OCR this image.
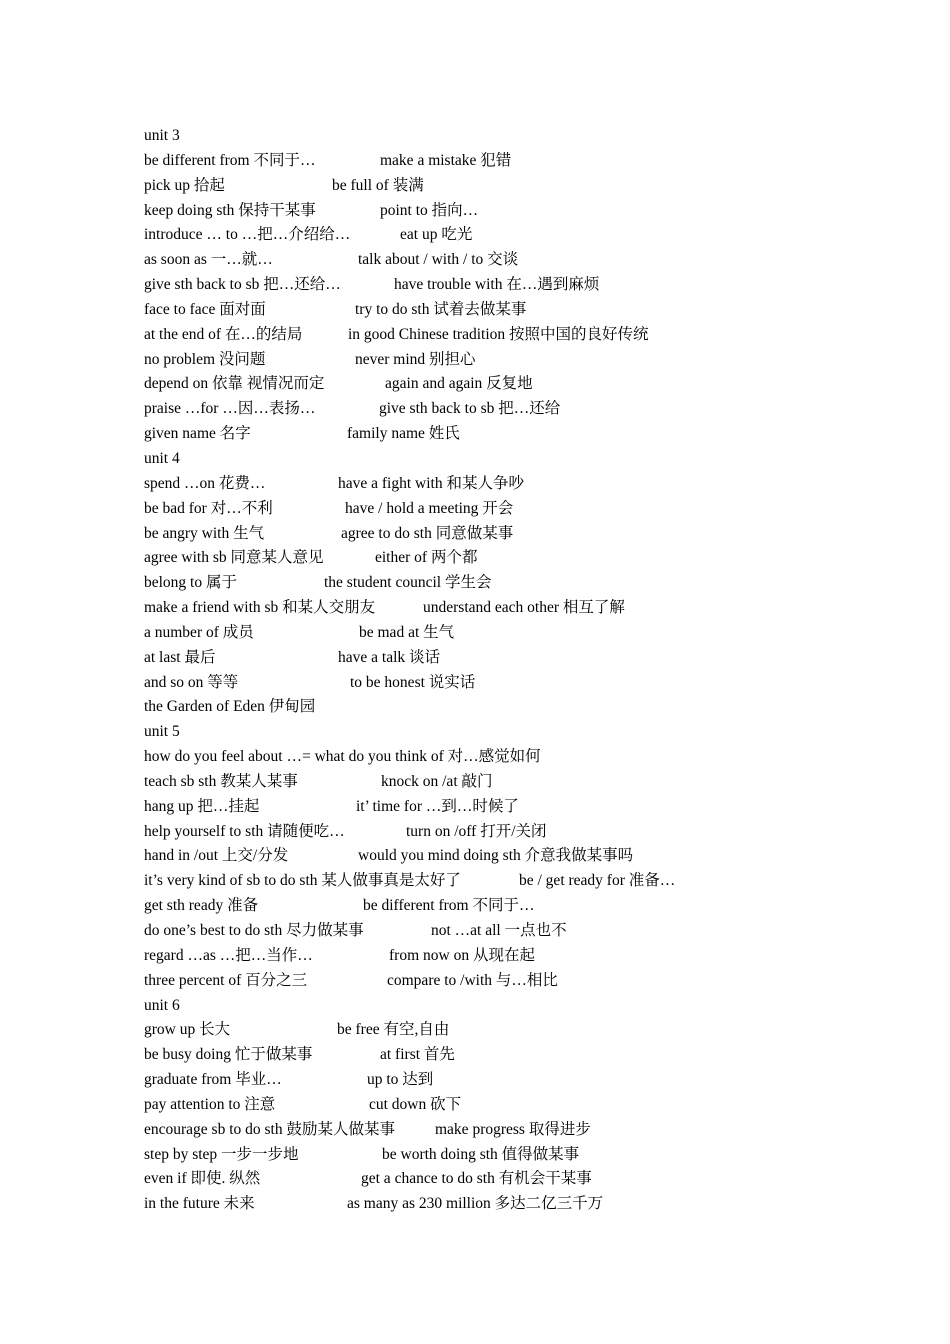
unit 3
be different from 不同于…	make a mistake 犯错
pick up 拾起	be full of 装满
keep doing sth 保持干某事	point to 指向…
introduce … to …把…介绍给…	eat up 吃光
as soon as 一…就…	talk about / with / to 交谈
give sth back to sb 把…还给…	have trouble with 在…遇到麻烦
face to face 面对面	try to do sth 试着去做某事
at the end of 在…的结局	in good Chinese tradition 按照中国的良好传统
no problem 没问题	never mind 别担心
depend on 依靠 视情况而定	again and again 反复地
praise …for …因…表扬…	give sth back to sb 把…还给
given name 名字	family name 姓氏
unit 4
spend …on 花费…	have a fight with 和某人争吵
be bad for 对…不利	have / hold a meeting 开会
be angry with 生气	agree to do sth 同意做某事
agree with sb 同意某人意见	either of 两个都
belong to 属于	the student council 学生会
make a friend with sb 和某人交朋友	understand each other 相互了解
a number of 成员	be mad at 生气
at last 最后	have a talk 谈话
and so on 等等	to be honest 说实话
the Garden of Eden 伊甸园
unit 5
how do you feel about …= what do you think of 对…感觉如何
teach sb sth 教某人某事	knock on /at 敲门
hang up 把…挂起	it’ time for …到…时候了
help yourself to sth 请随便吃…	turn on /off 打开/关闭
hand in /out 上交/分发	would you mind doing sth 介意我做某事吗
it’s very kind of sb to do sth 某人做事真是太好了	be / get ready for 准备…
get sth ready 准备	be different from 不同于…
do one’s best to do sth 尽力做某事	not …at all 一点也不
regard …as …把…当作…	from now on 从现在起
three percent of 百分之三	compare to /with 与…相比
unit 6
grow up 长大	be free 有空,自由
be busy doing 忙于做某事	at first 首先
graduate from 毕业…	up to 达到
pay attention to 注意	cut down 砍下
encourage sb to do sth 鼓励某人做某事	make progress 取得进步
step by step 一步一步地	be worth doing sth 值得做某事
even if 即使. 纵然	get a chance to do sth 有机会干某事
in the future 未来	as many as 230 million 多达二亿三千万
